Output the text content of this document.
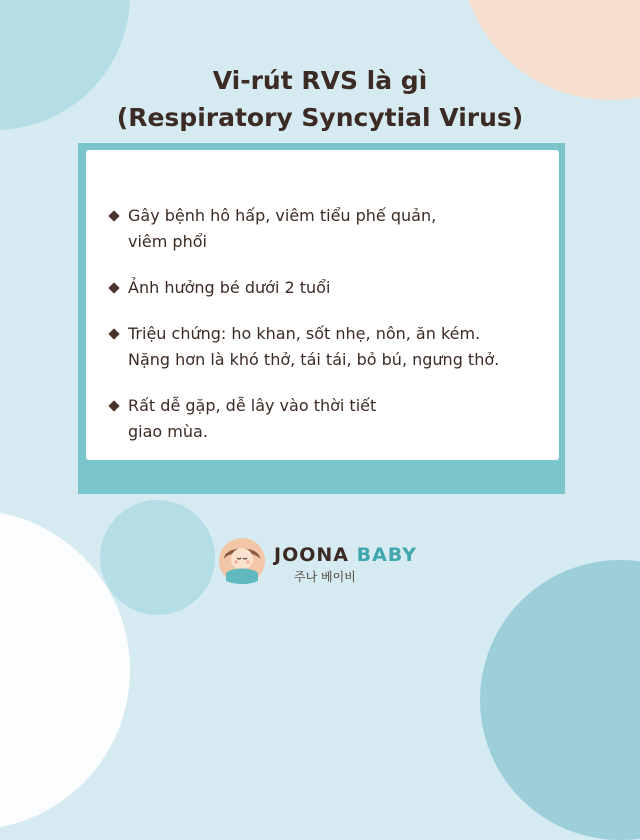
Vi-rút RVS là gì
(Respiratory Syncytial Virus)
Gây bệnh hô hấp, viêm tiểu phế quản,
viêm phổi
Ảnh hưởng bé dưới 2 tuổi
Triệu chứng: ho khan, sốt nhẹ, nôn, ăn kém.
Nặng hơn là khó thở, tái tái, bỏ bú, ngưng thở.
Rất dễ gặp, dễ lây vào thời tiết
giao mùa.
JOONA BABY
주나 베이비
